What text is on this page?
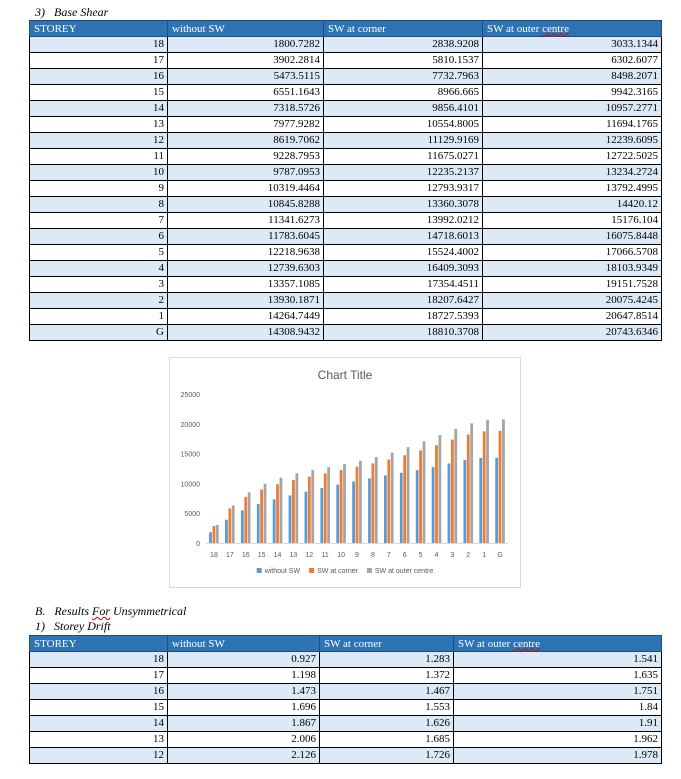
3)   Base Shear
STOREY	without SW	SW at corner	SW at outer centre
18	1800.7282	2838.9208	3033.1344
17	3902.2814	5810.1537	6302.6077
16	5473.5115	7732.7963	8498.2071
15	6551.1643	8966.665	9942.3165
14	7318.5726	9856.4101	10957.2771
13	7977.9282	10554.8005	11694.1765
12	8619.7062	11129.9169	12239.6095
11	9228.7953	11675.0271	12722.5025
10	9787.0953	12235.2137	13234.2724
9	10319.4464	12793.9317	13792.4995
8	10845.8288	13360.3078	14420.12
7	11341.6273	13992.0212	15176.104
6	11783.6045	14718.6013	16075.8448
5	12218.9638	15524.4002	17066.5708
4	12739.6303	16409.3093	18103.9349
3	13357.1085	17354.4511	19151.7528
2	13930.1871	18207.6427	20075.4245
1	14264.7449	18727.5393	20647.8514
G	14308.9432	18810.3708	20743.6346
Chart Title
0
5000
10000
15000
20000
25000
18 17 16 15 14 13 12 11 10 9 8 7 6 5 4 3 2 1 G
without SW SW at corner SW at outer centre
B.   Results For Unsymmetrical
1)   Storey Drift
STOREY	without SW	SW at corner	SW at outer centre
18	0.927	1.283	1.541
17	1.198	1.372	1.635
16	1.473	1.467	1.751
15	1.696	1.553	1.84
14	1.867	1.626	1.91
13	2.006	1.685	1.962
12	2.126	1.726	1.978
